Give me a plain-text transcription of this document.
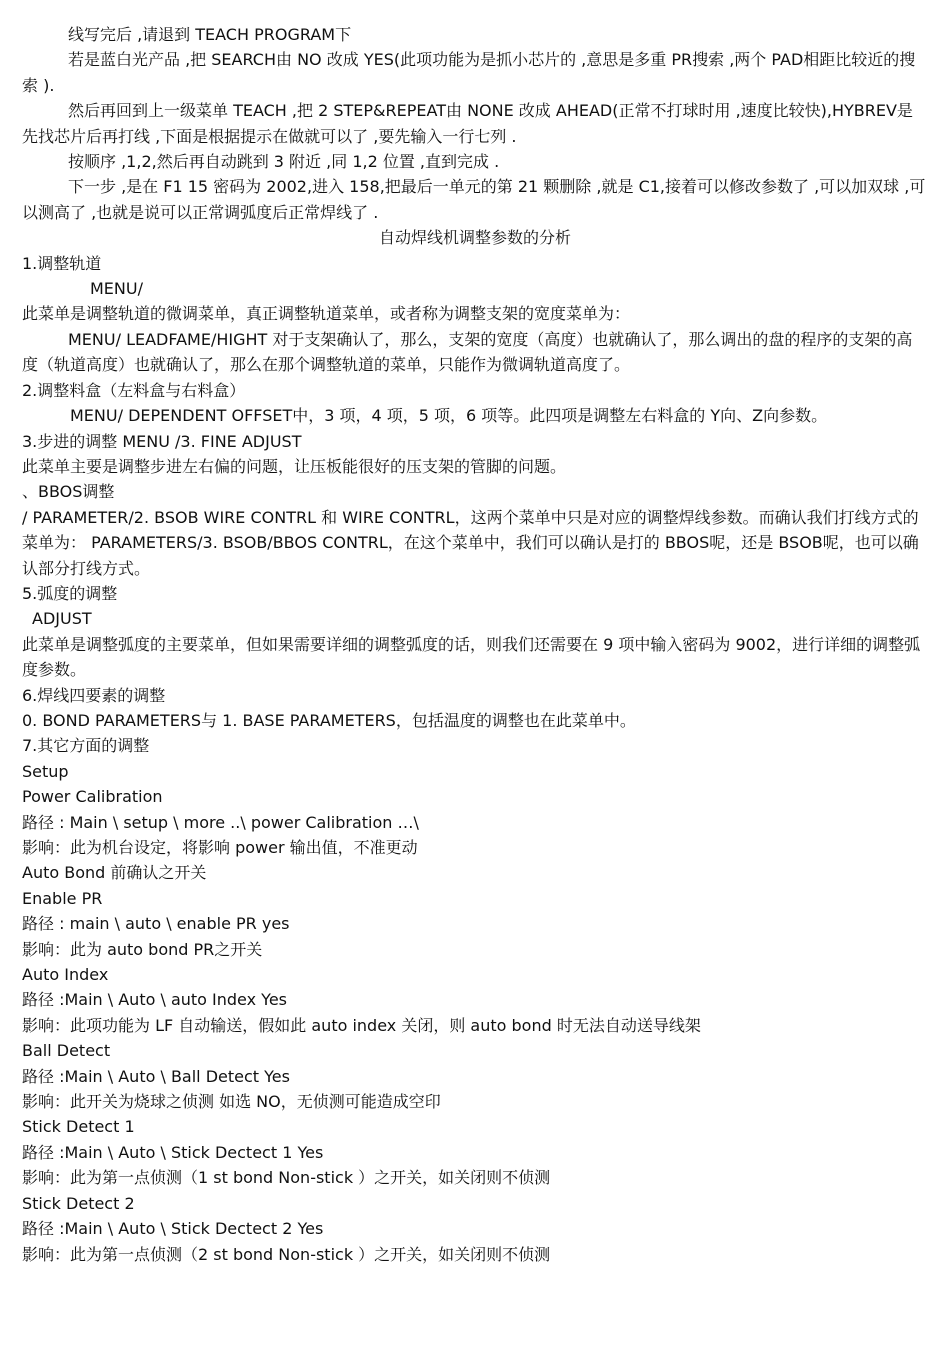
线写完后 ,请退到 TEACH PROGRAM下

若是蓝白光产品 ,把 SEARCH由 NO 改成 YES(此项功能为是抓小芯片的 ,意思是多重 PR搜索 ,两个 PAD相距比较近的搜索 ).

然后再回到上一级菜单 TEACH ,把 2 STEP&REPEAT由 NONE 改成 AHEAD(正常不打球时用 ,速度比较快),HYBREV是先找芯片后再打线 ,下面是根据提示在做就可以了 ,要先输入一行七列 .

按顺序 ,1,2,然后再自动跳到 3 附近 ,同 1,2 位置 ,直到完成 .

下一步 ,是在 F1 15 密码为 2002,进入 158,把最后一单元的第 21 颗删除 ,就是 C1,接着可以修改参数了 ,可以加双球 ,可以测高了 ,也就是说可以正常调弧度后正常焊线了 .

自动焊线机调整参数的分析

1.调整轨道

MENU/

此菜单是调整轨道的微调菜单，真正调整轨道菜单，或者称为调整支架的宽度菜单为：

MENU/ LEADFAME/HIGHT 对于支架确认了，那么，支架的宽度（高度）也就确认了，那么调出的盘的程序的支架的高度（轨道高度）也就确认了，那么在那个调整轨道的菜单，只能作为微调轨道高度了。

2.调整料盒（左料盒与右料盒）

MENU/ DEPENDENT OFFSET中，3 项，4 项，5 项，6 项等。此四项是调整左右料盒的 Y向、Z向参数。

3.步进的调整 MENU /3. FINE ADJUST

此菜单主要是调整步进左右偏的问题，让压板能很好的压支架的管脚的问题。

、BBOS调整

/ PARAMETER/2. BSOB WIRE CONTRL 和 WIRE CONTRL，这两个菜单中只是对应的调整焊线参数。而确认我们打线方式的菜单为： PARAMETERS/3. BSOB/BBOS CONTRL，在这个菜单中，我们可以确认是打的 BBOS呢，还是 BSOB呢，也可以确认部分打线方式。

5.弧度的调整

ADJUST

此菜单是调整弧度的主要菜单，但如果需要详细的调整弧度的话，则我们还需要在 9 项中输入密码为 9002，进行详细的调整弧度参数。

6.焊线四要素的调整

0. BOND PARAMETERS与 1. BASE PARAMETERS，包括温度的调整也在此菜单中。

7.其它方面的调整

Setup

Power Calibration

路径 : Main \ setup \ more ..\ power Calibration …\

影响：此为机台设定，将影响 power 输出值，不准更动

Auto Bond 前确认之开关

Enable PR

路径 : main \ auto \ enable PR yes

影响：此为 auto bond PR之开关

Auto Index

路径 :Main \ Auto \ auto Index Yes

影响：此项功能为 LF 自动输送，假如此 auto index 关闭，则 auto bond 时无法自动送导线架

Ball Detect

路径 :Main \ Auto \ Ball Detect Yes

影响：此开关为烧球之侦测 如选 NO，无侦测可能造成空印

Stick Detect 1

路径 :Main \ Auto \ Stick Dectect 1 Yes

影响：此为第一点侦测（1 st bond Non-stick ）之开关，如关闭则不侦测

Stick Detect 2

路径 :Main \ Auto \ Stick Dectect 2 Yes

影响：此为第一点侦测（2 st bond Non-stick ）之开关，如关闭则不侦测
